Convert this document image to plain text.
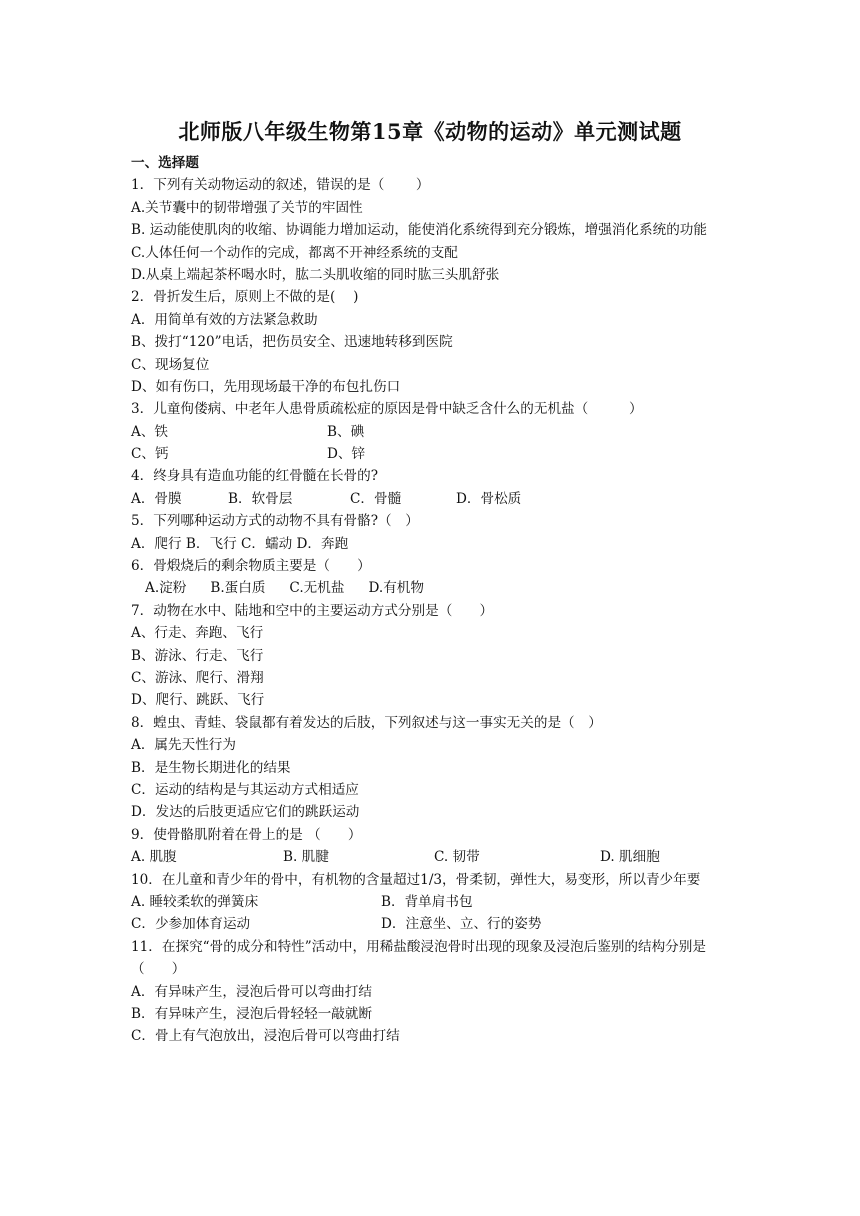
北师版八年级生物第15章《动物的运动》单元测试题
一、选择题
1．下列有关动物运动的叙述，错误的是（ 　　）
A.关节囊中的韧带增强了关节的牢固性
B. 运动能使肌肉的收缩、协调能力增加运动，能使消化系统得到充分锻炼，增强消化系统的功能
C.人体任何一个动作的完成，都离不开神经系统的支配
D.从桌上端起茶杯喝水时，肱二头肌收缩的同时肱三头肌舒张
2．骨折发生后，原则上不做的是(　 )
A．用简单有效的方法紧急救助
B、拨打“120”电话，把伤员安全、迅速地转移到医院
C、现场复位
D、如有伤口，先用现场最干净的布包扎伤口
3．儿童佝偻病、中老年人患骨质疏松症的原因是骨中缺乏含什么的无机盐（　　　）
A、铁	B、碘
C、钙	D、锌
4．终身具有造血功能的红骨髓在长骨的?
A．骨膜	B．软骨层	C．骨髓	D．骨松质
5．下列哪种运动方式的动物不具有骨骼?（　）
A．爬行 B．飞行 C．蠕动 D．奔跑
6．骨煅烧后的剩余物质主要是（　　）
A.淀粉 B.蛋白质 C.无机盐 D.有机物
7．动物在水中、陆地和空中的主要运动方式分别是（　　）
A、行走、奔跑、飞行
B、游泳、行走、飞行
C、游泳、爬行、滑翔
D、爬行、跳跃、飞行
8．蝗虫、青蛙、袋鼠都有着发达的后肢，下列叙述与这一事实无关的是（　）
A．属先天性行为
B．是生物长期进化的结果
C．运动的结构是与其运动方式相适应
D．发达的后肢更适应它们的跳跃运动
9．使骨骼肌附着在骨上的是 （　　）
A. 肌腹	B. 肌腱	C. 韧带	D. 肌细胞
10．在儿童和青少年的骨中，有机物的含量超过1/3，骨柔韧，弹性大，易变形，所以青少年要
A. 睡较柔软的弹簧床	B．背单肩书包
C．少参加体育运动	D．注意坐、立、行的姿势
11．在探究“骨的成分和特性”活动中，用稀盐酸浸泡骨时出现的现象及浸泡后鉴别的结构分别是（　　）
A．有异味产生，浸泡后骨可以弯曲打结
B．有异味产生，浸泡后骨轻轻一敲就断
C．骨上有气泡放出，浸泡后骨可以弯曲打结
